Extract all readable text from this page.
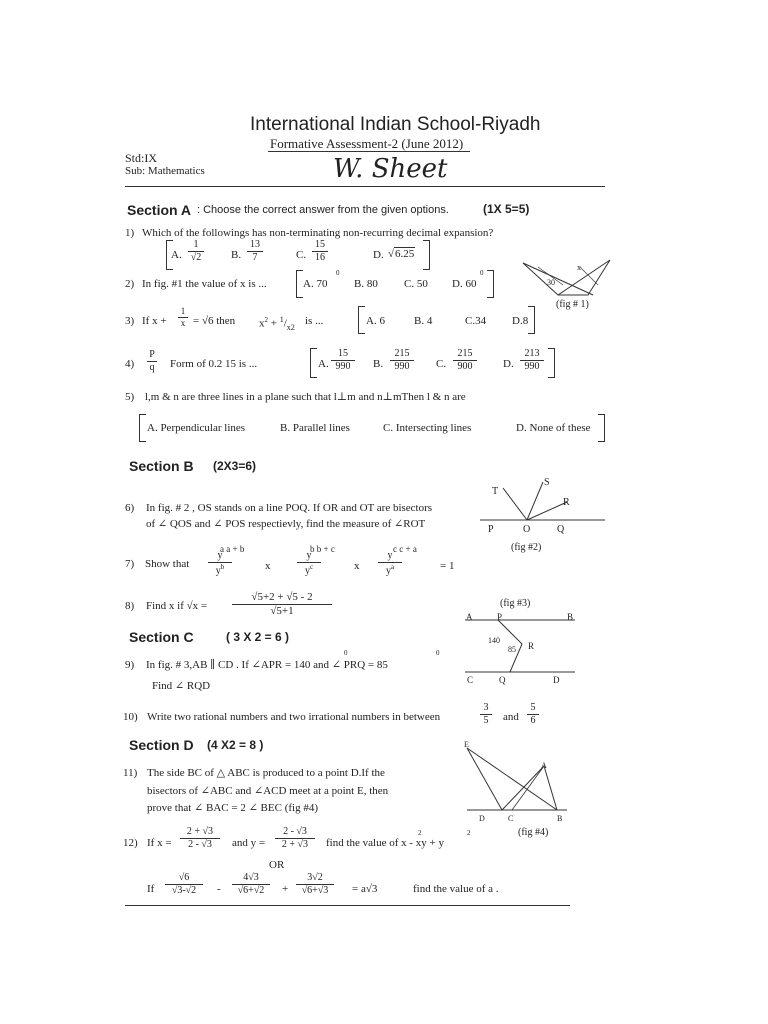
International Indian School-Riyadh
Formative Assessment-2 (June 2012)
Std:IX
Sub: Mathematics	W. Sheet
Section A : Choose the correct answer from the given options.	(1X 5=5)
1) Which of the followings has non-terminating non-recurring decimal expansion?
A. $\frac{1}{√2} B$. $\frac{13}{7}$	C. $\frac{15}{16}$	D. √6.25
2) In fig. #1 the value of x is ...	A. 70 B. 80 C. 50 D. 60
0	0
3) If $x + \frac{1}{x} = √6$ then $x^2 + ^1/_{x2}$
is ...	A. 6	B. 4	C.34 D.8
$4) \frac{P}{q}$ Form of 0.2 15 is ...	A. $\frac{15}{990} B$. $\frac{215}{990} C$. $\frac{215}{900} D$. $\frac{213}{990}$
5) l,m & n are three lines in a plane such that l⊥m and n⊥mThen l & n are
A. Perpendicular lines	B. Parallel lines	C. Intersecting lines	D. None of these
30
x
(fig # 1)
Section B (2X3=6)
6) In fig. # 2 , OS stands on a line POQ. If OR and OT are bisectors
of ∠ QOS and ∠ POS respectievly, find the measure of ∠ROT
T
S
R
P	O	Q
(fig #2)
7) Show that
a a + b
$\frac{y}{y^b}$	x
b b + c
$\frac{y}{y^c}$	x
c c + a
$\frac{y}{y^a}$	= 1
8) Find x if $√x = \frac{√5+2 + √5 - 2}{√5+1}$	(fig #3)
A	P	B
140
85 R
C	Q	D
Section C	( 3 X 2 = 6 )
9) In fig. # 3,AB ∥ CD . If ∠APR = 140 and ∠ PRQ = 85
0	0
Find ∠ RQD
10) Write two rational numbers and two irrational numbers in between	$\frac{3}{5}$ and $\frac{5}{6}$
Section D (4 X2 = 8 )
11) The side BC of △ ABC is produced to a point D.If the
bisectors of ∠ABC and ∠ACD meet at a point E, then
prove that ∠ BAC = 2 ∠ BEC (fig #4)
E
A
D	C	B
(fig #4)
12) If $x = \frac{2 + √3}{2 - √3}$ and $y = \frac{2 - √3}{2 + √3}$ find the value of x - xy + y
2	2
OR
If $\frac{√6}{√3-√2} - \frac{4√3}{√6+√2} + \frac{3√2}{√6+√3} = a√3$	find the value of a .
